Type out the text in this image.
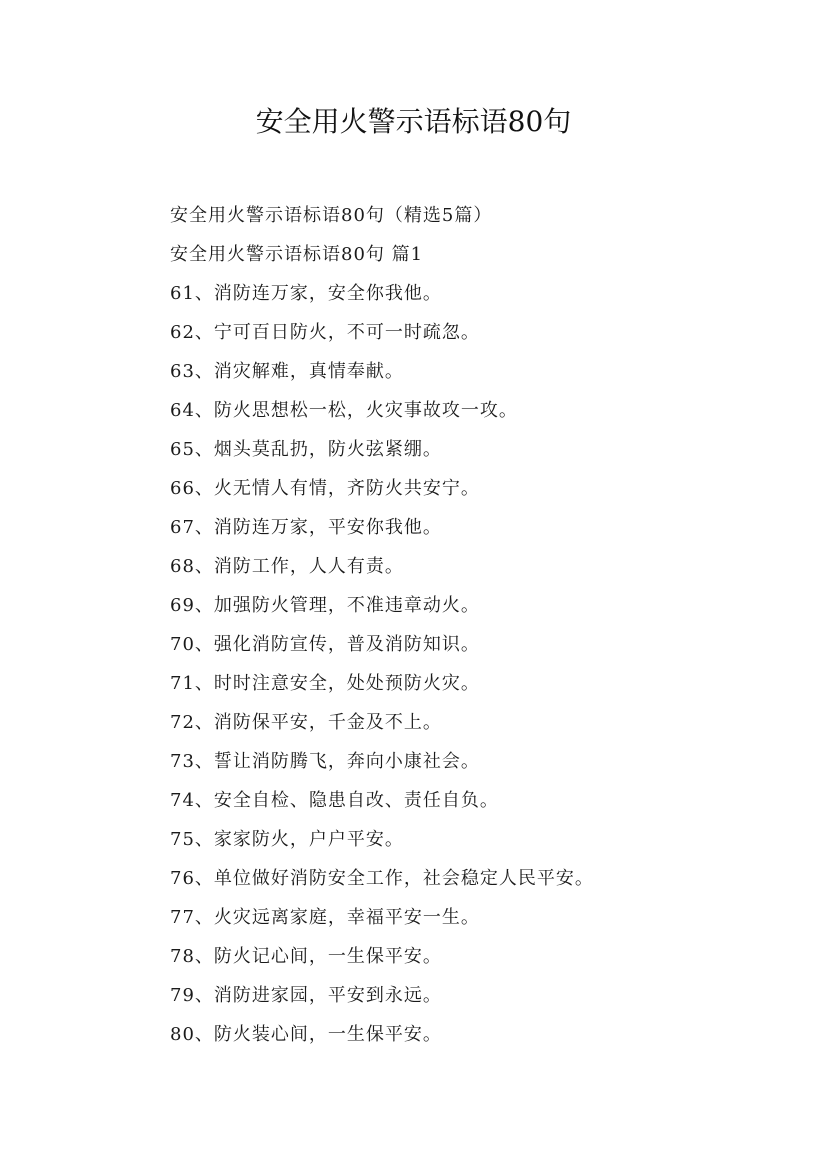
安全用火警示语标语80句
安全用火警示语标语80句（精选5篇）
安全用火警示语标语80句 篇1
61、消防连万家，安全你我他。
62、宁可百日防火，不可一时疏忽。
63、消灾解难，真情奉献。
64、防火思想松一松，火灾事故攻一攻。
65、烟头莫乱扔，防火弦紧绷。
66、火无情人有情，齐防火共安宁。
67、消防连万家，平安你我他。
68、消防工作，人人有责。
69、加强防火管理，不准违章动火。
70、强化消防宣传，普及消防知识。
71、时时注意安全，处处预防火灾。
72、消防保平安，千金及不上。
73、誓让消防腾飞，奔向小康社会。
74、安全自检、隐患自改、责任自负。
75、家家防火，户户平安。
76、单位做好消防安全工作，社会稳定人民平安。
77、火灾远离家庭，幸福平安一生。
78、防火记心间，一生保平安。
79、消防进家园，平安到永远。
80、防火装心间，一生保平安。
